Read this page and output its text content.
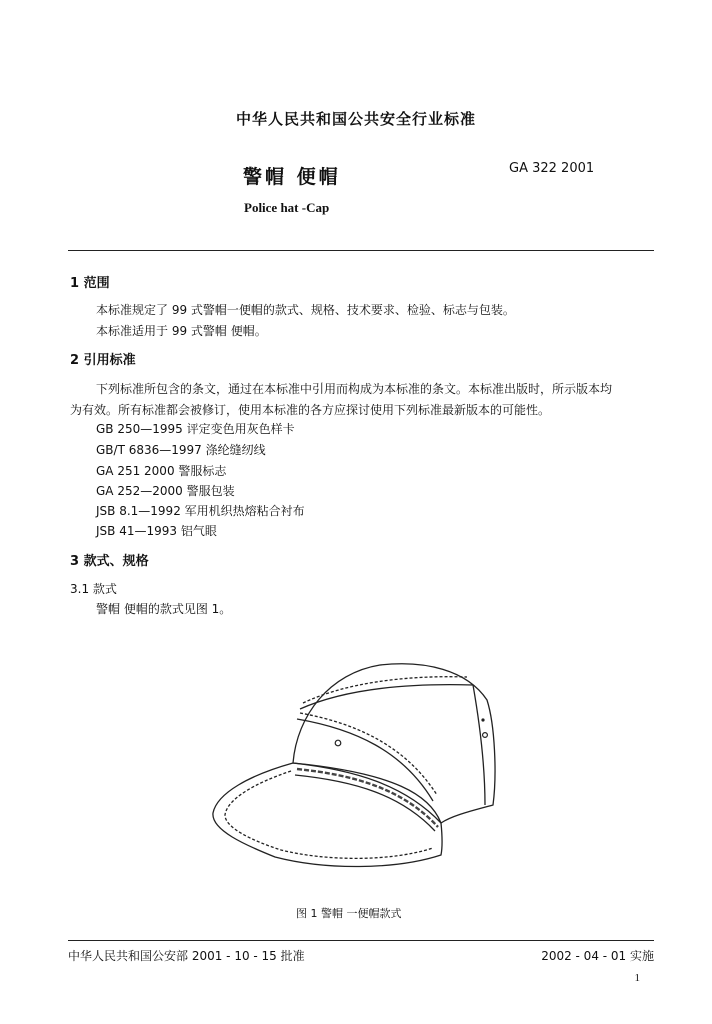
中华人民共和国公共安全行业标准
警帽 便帽	GA 322 2001
Police hat -Cap
1 范围
本标准规定了 99 式警帽一便帽的款式、规格、技术要求、检验、标志与包装。
本标准适用于 99 式警帽 便帽。
2 引用标准
下列标准所包含的条文，通过在本标准中引用而构成为本标准的条文。本标准出版时，所示版本均
为有效。所有标准都会被修订，使用本标准的各方应探讨使用下列标准最新版本的可能性。
GB 250—1995 评定变色用灰色样卡
GB/T 6836—1997 涤纶缝纫线
GA 251 2000 警服标志
GA 252—2000 警服包装
JSB 8.1—1992 军用机织热熔粘合衬布
JSB 41—1993 铝气眼
3 款式、规格
3.1 款式
警帽 便帽的款式见图 1。
图 1 警帽 一便帽款式
中华人民共和国公安部 2001 - 10 - 15 批准	2002 - 04 - 01 实施
1
